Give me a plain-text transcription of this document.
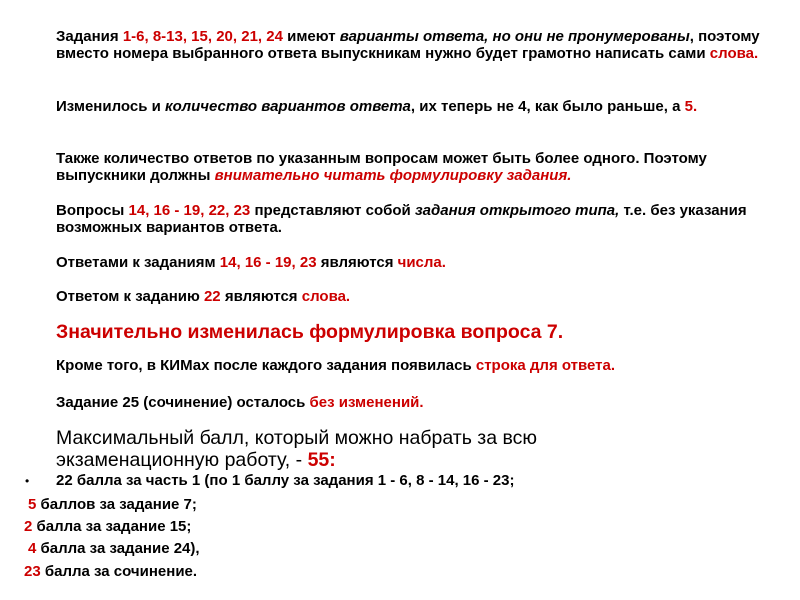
Задания 1-6, 8-13, 15, 20, 21, 24 имеют варианты ответа, но они не пронумерованы, поэтому вместо номера выбранного ответа выпускникам нужно будет грамотно написать сами слова.
Изменилось и количество вариантов ответа, их теперь не 4, как было раньше, а 5.
Также количество ответов по указанным вопросам может быть более одного. Поэтому выпускники должны внимательно читать формулировку задания.
Вопросы 14, 16 - 19, 22, 23 представляют собой задания открытого типа, т.е. без указания возможных вариантов ответа.
Ответами к заданиям 14, 16 - 19, 23 являются числа.
Ответом к заданию 22 являются слова.
Значительно изменилась формулировка вопроса 7.
Кроме того, в КИМах после каждого задания появилась строка для ответа.
Задание 25 (сочинение) осталось без изменений.
Максимальный балл, который можно набрать за всю экзаменационную работу, - 55:
• 22 балла за часть 1 (по 1 баллу за задания 1 - 6, 8 - 14, 16 - 23;
5 баллов за задание 7;
2 балла за задание 15;
4 балла за задание 24),
23 балла за сочинение.
